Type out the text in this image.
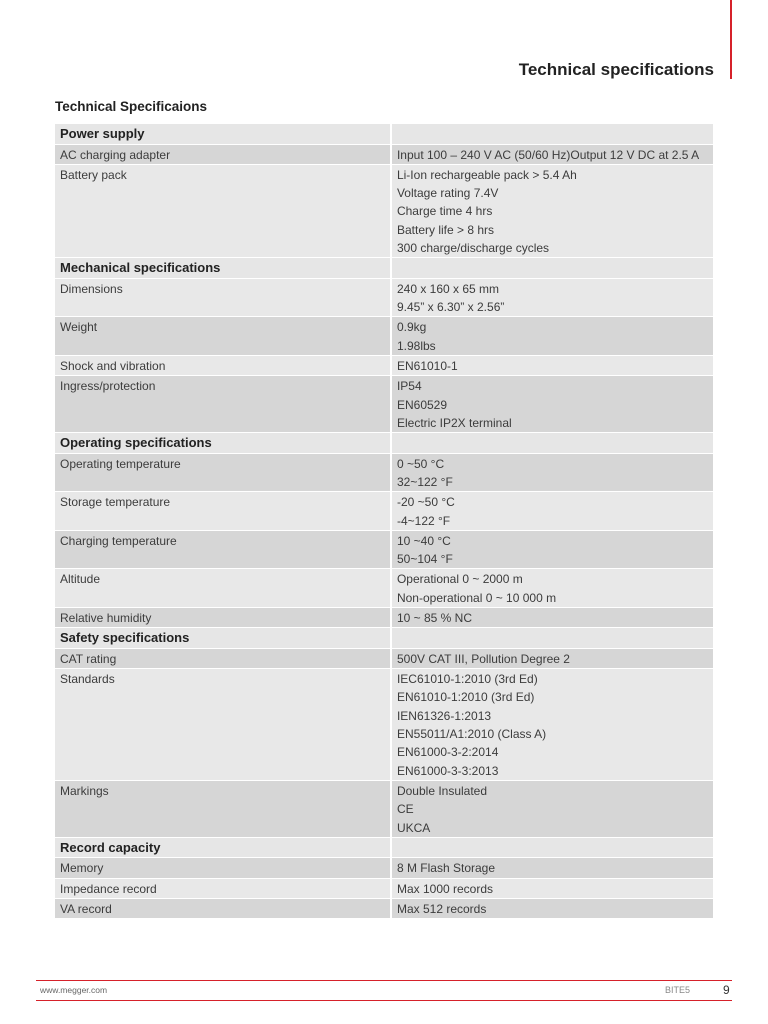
Technical specifications
Technical Specificaions
Power supply
AC charging adapter	Input 100 – 240 V AC (50/60 Hz)Output 12 V DC at 2.5 A
Battery pack	Li-Ion rechargeable pack > 5.4 Ah
Voltage rating 7.4V
Charge time 4 hrs
Battery life > 8 hrs
300 charge/discharge cycles
Mechanical specifications
Dimensions	240 x 160 x 65 mm
9.45” x 6.30” x 2.56”
Weight	0.9kg
1.98lbs
Shock and vibration	EN61010-1
Ingress/protection	IP54
EN60529
Electric IP2X terminal
Operating specifications
Operating temperature	0 ~50 °C
32~122 °F
Storage temperature	-20 ~50 °C
-4~122 °F
Charging temperature	10 ~40 °C
50~104 °F
Altitude	Operational 0 ~ 2000 m
Non-operational 0 ~ 10 000 m
Relative humidity	10 ~ 85 % NC
Safety specifications
CAT rating	500V CAT III, Pollution Degree 2
Standards	IEC61010-1:2010 (3rd Ed)
EN61010-1:2010 (3rd Ed)
IEN61326-1:2013
EN55011/A1:2010 (Class A)
EN61000-3-2:2014
EN61000-3-3:2013
Markings	Double Insulated
CE
UKCA
Record capacity
Memory	8 M Flash Storage
Impedance record	Max 1000 records
VA record	Max 512 records
www.megger.com	BITE5	9
